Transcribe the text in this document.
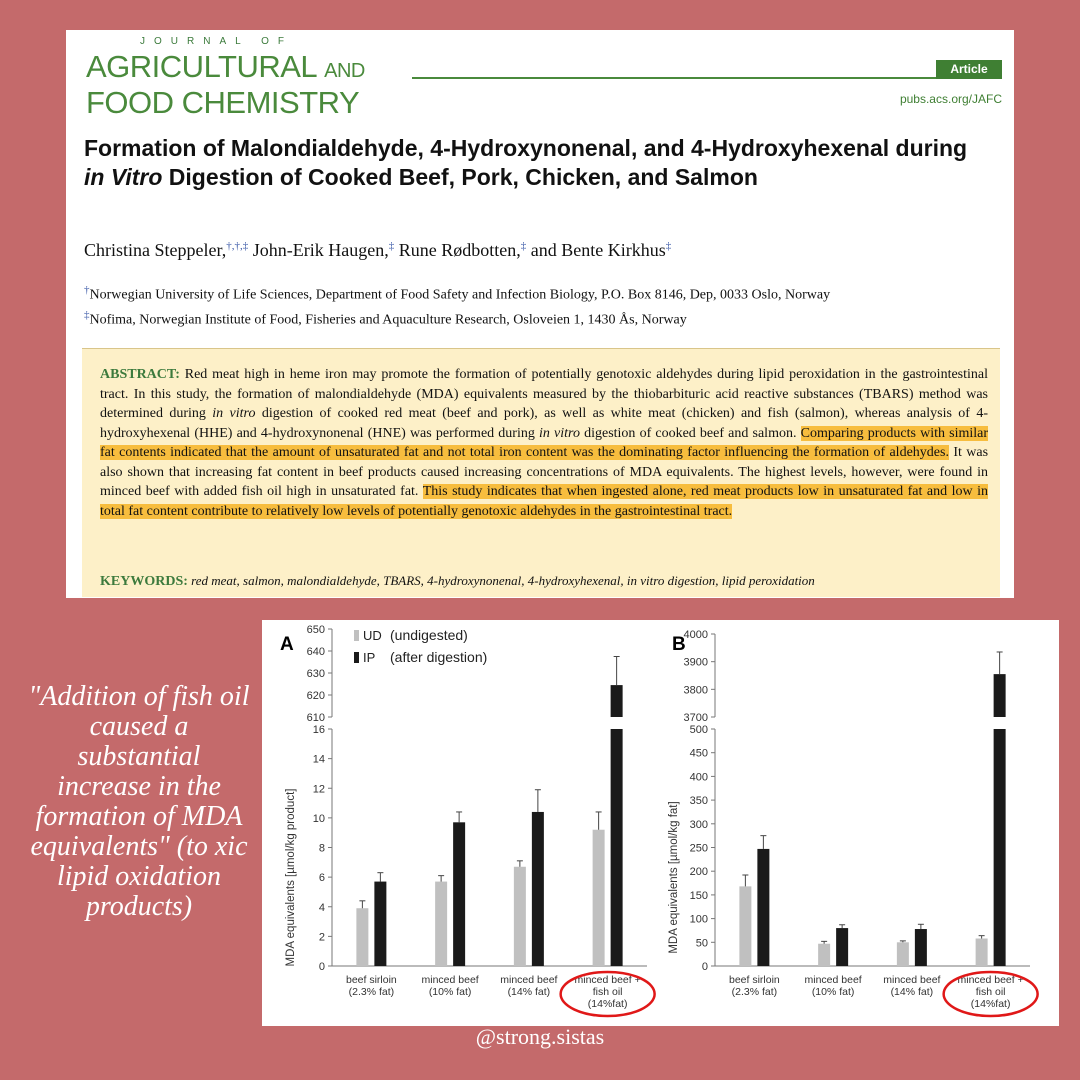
JOURNAL OF
AGRICULTURAL AND
FOOD CHEMISTRY
Article
pubs.acs.org/JAFC
Formation of Malondialdehyde, 4-Hydroxynonenal, and 4-Hydroxyhexenal during in Vitro Digestion of Cooked Beef, Pork, Chicken, and Salmon
Christina Steppeler,†,†,‡ John-Erik Haugen,‡ Rune Rødbotten,‡ and Bente Kirkhus‡
†Norwegian University of Life Sciences, Department of Food Safety and Infection Biology, P.O. Box 8146, Dep, 0033 Oslo, Norway
‡Nofima, Norwegian Institute of Food, Fisheries and Aquaculture Research, Osloveien 1, 1430 Ås, Norway
ABSTRACT: Red meat high in heme iron may promote the formation of potentially genotoxic aldehydes during lipid peroxidation in the gastrointestinal tract. In this study, the formation of malondialdehyde (MDA) equivalents measured by the thiobarbituric acid reactive substances (TBARS) method was determined during in vitro digestion of cooked red meat (beef and pork), as well as white meat (chicken) and fish (salmon), whereas analysis of 4-hydroxyhexenal (HHE) and 4-hydroxynonenal (HNE) was performed during in vitro digestion of cooked beef and salmon. Comparing products with similar fat contents indicated that the amount of unsaturated fat and not total iron content was the dominating factor influencing the formation of aldehydes. It was also shown that increasing fat content in beef products caused increasing concentrations of MDA equivalents. The highest levels, however, were found in minced beef with added fish oil high in unsaturated fat. This study indicates that when ingested alone, red meat products low in unsaturated fat and low in total fat content contribute to relatively low levels of potentially genotoxic aldehydes in the gastrointestinal tract.
KEYWORDS: red meat, salmon, malondialdehyde, TBARS, 4-hydroxynonenal, 4-hydroxyhexenal, in vitro digestion, lipid peroxidation
"Addition of fish oil caused a substantial increase in the formation of MDA equivalents" (to xic lipid oxidation products)
A
0
2
4
6
8
10
12
14
16
610
620
630
640
650
MDA equivalents [µmol/kg product]
beef sirloin
(2.3% fat)
minced beef
(10% fat)
minced beef
(14% fat)
minced beef +
fish oil
(14%fat)
UD (undigested)
IP (after digestion)
B
0
50
100
150
200
250
300
350
400
450
500
3700
3800
3900
4000
MDA equivalents [µmol/kg fat]
beef sirloin
(2.3% fat)
minced beef
(10% fat)
minced beef
(14% fat)
minced beef +
fish oil
(14%fat)
@strong.sistas
